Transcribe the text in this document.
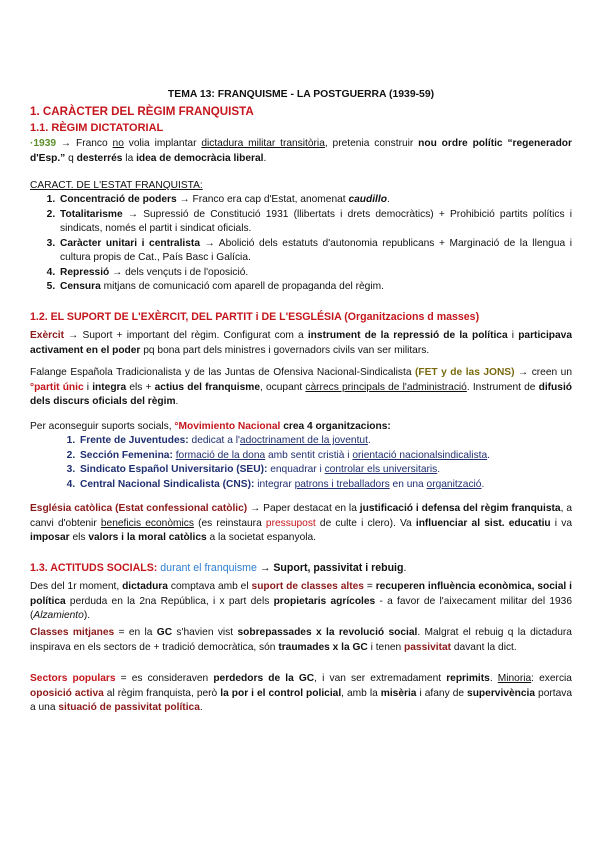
TEMA 13: FRANQUISME - LA POSTGUERRA (1939-59)
1. CARÀCTER DEL RÈGIM FRANQUISTA
1.1. RÈGIM DICTATORIAL

·1939 → Franco no volia implantar dictadura militar transitòria, pretenia construir nou ordre polític “regenerador d'Esp.” q desterrés la idea de democràcia liberal.

CARACT. DE L'ESTAT FRANQUISTA:

1. Concentració de poders → Franco era cap d'Estat, anomenat caudillo.
2. Totalitarisme → Supressió de Constitució 1931 (llibertats i drets democràtics) + Prohibició partits polítics i sindicats, només el partit i sindicat oficials.
3. Caràcter unitari i centralista → Abolició dels estatuts d'autonomia republicans + Marginació de la llengua i cultura propis de Cat., País Basc i Galícia.
4. Repressió → dels vençuts i de l'oposició.
5. Censura mitjans de comunicació com aparell de propaganda del règim.
1.2. EL SUPORT DE L'EXÈRCIT, DEL PARTIT i DE L'ESGLÉSIA (Organitzacions d masses)

Exèrcit → Suport + important del règim. Configurat com a instrument de la repressió de la política i participava activament en el poder pq bona part dels ministres i governadors civils van ser militars.

Falange Española Tradicionalista y de las Juntas de Ofensiva Nacional-Sindicalista (FET y de las JONS) → creen un °partit únic i integra els + actius del franquisme, ocupant càrrecs principals de l'administració. Instrument de difusió dels discurs oficials del règim.

Per aconseguir suports socials, °Movimiento Nacional crea 4 organitzacions:

1. Frente de Juventudes: dedicat a l'adoctrinament de la joventut.
2. Sección Femenina: formació de la dona amb sentit cristià i orientació nacionalsindicalista.
3. Sindicato Español Universitario (SEU): enquadrar i controlar els universitaris.
4. Central Nacional Sindicalista (CNS): integrar patrons i treballadors en una organització.

Església catòlica (Estat confessional catòlic) → Paper destacat en la justificació i defensa del règim franquista, a canvi d'obtenir beneficis econòmics (es reinstaura pressupost de culte i clero). Va influenciar al sist. educatiu i va imposar els valors i la moral catòlics a la societat espanyola.

1.3. ACTITUDS SOCIALS: durant el franquisme → Suport, passivitat i rebuig.

Des del 1r moment, dictadura comptava amb el suport de classes altes = recuperen influència econòmica, social i política perduda en la 2na República, i x part dels propietaris agrícoles - a favor de l'aixecament militar del 1936 (Alzamiento).

Classes mitjanes = en la GC s'havien vist sobrepassades x la revolució social. Malgrat el rebuig q la dictadura inspirava en els sectors de + tradició democràtica, són traumades x la GC i tenen passivitat davant la dict.

Sectors populars = es consideraven perdedors de la GC, i van ser extremadament reprimits. Minoria: exercia oposició activa al règim franquista, però la por i el control policial, amb la misèria i afany de supervivència portava a una situació de passivitat política.
